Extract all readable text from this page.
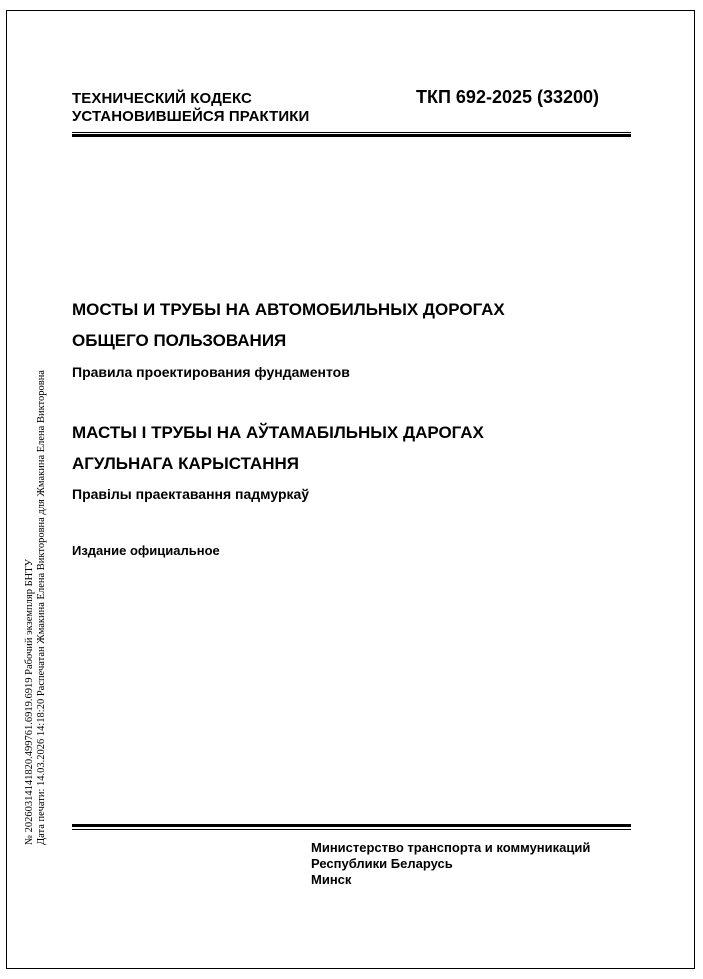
ТЕХНИЧЕСКИЙ КОДЕКС
УСТАНОВИВШЕЙСЯ ПРАКТИКИ
ТКП 692-2025 (33200)
МОСТЫ И ТРУБЫ НА АВТОМОБИЛЬНЫХ ДОРОГАХ
ОБЩЕГО ПОЛЬЗОВАНИЯ
Правила проектирования фундаментов
МАСТЫ І ТРУБЫ НА АЎТАМАБІЛЬНЫХ ДАРОГАХ
АГУЛЬНАГА КАРЫСТАННЯ
Правілы праектавання падмуркаў
Издание официальное
Министерство транспорта и коммуникаций
Республики Беларусь
Минск
№ 20260314141820.499761.6919.6919 Рабочий экземпляр БНТУ Дата печати: 14.03.2026 14:18:20 Распечатан Жмакина Елена Викторовна для Жмакина Елена Викторовна
